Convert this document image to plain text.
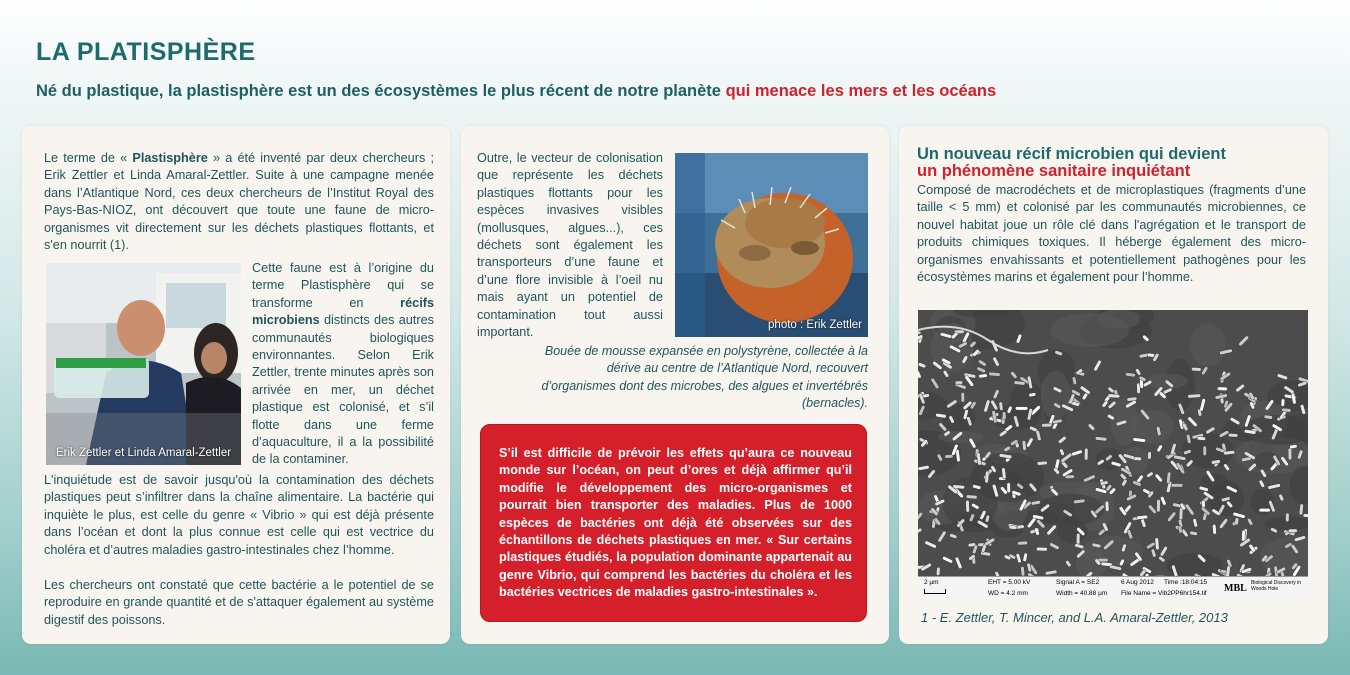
LA PLATISPHÈRE
Né du plastique, la plastisphère est un des écosystèmes le plus récent de notre planète qui menace les mers et les océans

Le terme de « Plastisphère » a été inventé par deux chercheurs ; Erik Zettler et Linda Amaral-Zettler. Suite à une campagne menée dans l’Atlantique Nord, ces deux chercheurs de l’Institut Royal des Pays-Bas-NIOZ, ont découvert que toute une faune de micro-organismes vit directement sur les déchets plastiques flottants, et s'en nourrit (1).

Erik Zettler et Linda Amaral-Zettler

Cette faune est à l’origine du terme Plastisphère qui se transforme en récifs microbiens distincts des autres communautés biologiques environnantes. Selon Erik Zettler, trente minutes après son arrivée en mer, un déchet plastique est colonisé, et s’il flotte dans une ferme d’aquaculture, il a la possibilité de la contaminer.

L'inquiétude est de savoir jusqu'où la contamination des déchets plastiques peut s’infiltrer dans la chaîne alimentaire. La bactérie qui inquiète le plus, est celle du genre « Vibrio » qui est déjà présente dans l’océan et dont la plus connue est celle qui est vectrice du choléra et d’autres maladies gastro-intestinales chez l’homme.

Les chercheurs ont constaté que cette bactérie a le potentiel de se reproduire en grande quantité et de s'attaquer également au système digestif des poissons.

Outre, le vecteur de colonisation que représente les déchets plastiques flottants pour les espèces invasives visibles (mollusques, algues...), ces déchets sont également les transporteurs d’une faune et d’une flore invisible à l’oeil nu mais ayant un potentiel de contamination tout aussi important.

photo : Erik Zettler

Bouée de mousse expansée en polystyrène, collectée à la dérive au centre de l’Atlantique Nord, recouvert d’organismes dont des microbes, des algues et invertébrés (bernacles).

S’il est difficile de prévoir les effets qu’aura ce nouveau monde sur l’océan, on peut d’ores et déjà affirmer qu’il modifie le développement des micro-organismes et pourrait bien transporter des maladies. Plus de 1000 espèces de bactéries ont déjà été observées sur des échantillons de déchets plastiques en mer. « Sur certains plastiques étudiés, la population dominante appartenait au genre Vibrio, qui comprend les bactéries du choléra et les bactéries vectrices de maladies gastro-intestinales ».
Un nouveau récif microbien qui devient
un phénomène sanitaire inquiétant

Composé de macrodéchets et de microplastiques (fragments d’une taille < 5 mm) et colonisé par les communautés microbiennes, ce nouvel habitat joue un rôle clé dans l'agrégation et le transport de produits chimiques toxiques. Il héberge également des micro-organismes envahissants et potentiellement pathogènes pour les écosystèmes marins et également pour l’homme.

2 µm	EHT = 5.00 kV
WD = 4.2 mm
Signal A = SE2
Width = 40.88 µm
6 Aug 2012 Time :18:04:15
File Name = Vib2PP6hr154.tif MBL Biological Discovery in Woods Hole
1 - E. Zettler, T. Mincer, and L.A. Amaral-Zettler, 2013
